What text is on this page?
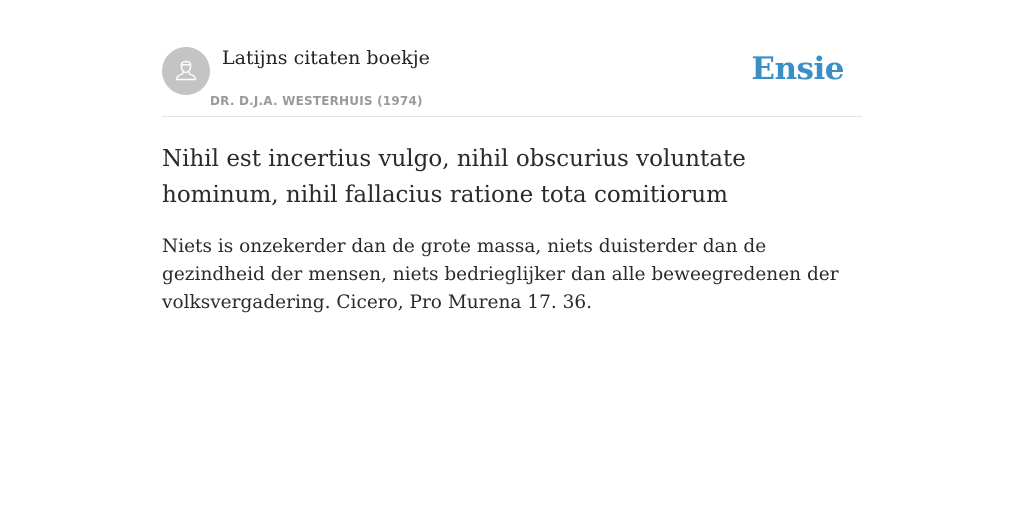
Latijns citaten boekje
DR. D.J.A. WESTERHUIS (1974)
Ensie
Nihil est incertius vulgo, nihil obscurius voluntate hominum, nihil fallacius ratione tota comitiorum

Niets is onzekerder dan de grote massa, niets duisterder dan de gezindheid der mensen, niets bedrieglijker dan alle beweegredenen der volksvergadering. Cicero, Pro Murena 17. 36.
